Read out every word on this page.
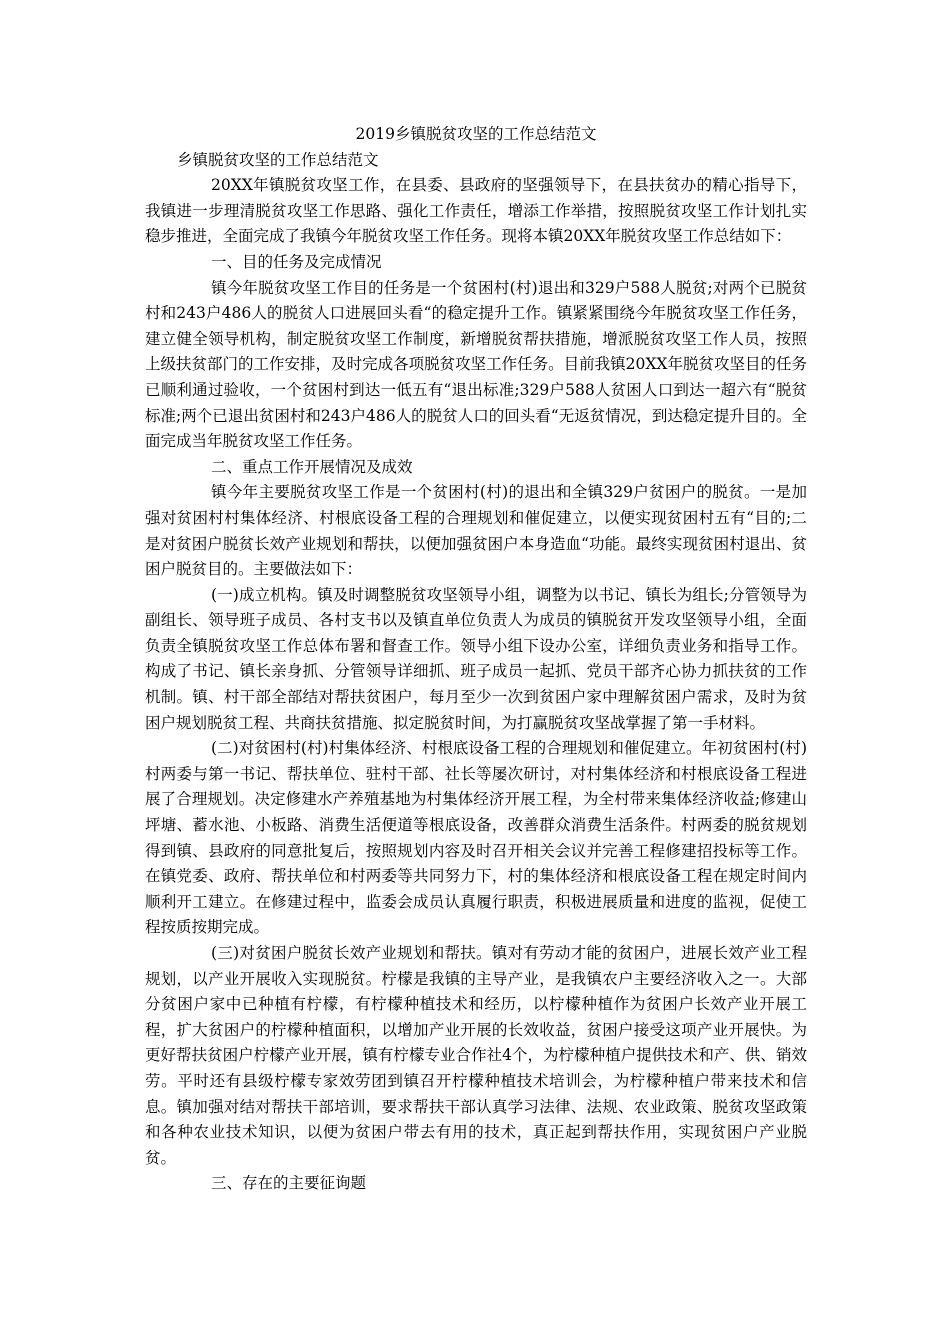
2019乡镇脱贫攻坚的工作总结范文

乡镇脱贫攻坚的工作总结范文

20XX年镇脱贫攻坚工作，在县委、县政府的坚强领导下，在县扶贫办的精心指导下，我镇进一步理清脱贫攻坚工作思路、强化工作责任，增添工作举措，按照脱贫攻坚工作计划扎实稳步推进，全面完成了我镇今年脱贫攻坚工作任务。现将本镇20XX年脱贫攻坚工作总结如下：

一、目的任务及完成情况

镇今年脱贫攻坚工作目的任务是一个贫困村(村)退出和329户588人脱贫;对两个已脱贫村和243户486人的脱贫人口进展回头看“的稳定提升工作。镇紧紧围绕今年脱贫攻坚工作任务，建立健全领导机构，制定脱贫攻坚工作制度，新增脱贫帮扶措施，增派脱贫攻坚工作人员，按照上级扶贫部门的工作安排，及时完成各项脱贫攻坚工作任务。目前我镇20XX年脱贫攻坚目的任务已顺利通过验收，一个贫困村到达一低五有“退出标准;329户588人贫困人口到达一超六有“脱贫标准;两个已退出贫困村和243户486人的脱贫人口的回头看“无返贫情况，到达稳定提升目的。全面完成当年脱贫攻坚工作任务。

二、重点工作开展情况及成效

镇今年主要脱贫攻坚工作是一个贫困村(村)的退出和全镇329户贫困户的脱贫。一是加强对贫困村村集体经济、村根底设备工程的合理规划和催促建立，以便实现贫困村五有“目的;二是对贫困户脱贫长效产业规划和帮扶，以便加强贫困户本身造血“功能。最终实现贫困村退出、贫困户脱贫目的。主要做法如下：

(一)成立机构。镇及时调整脱贫攻坚领导小组，调整为以书记、镇长为组长;分管领导为副组长、领导班子成员、各村支书以及镇直单位负责人为成员的镇脱贫开发攻坚领导小组，全面负责全镇脱贫攻坚工作总体布署和督查工作。领导小组下设办公室，详细负责业务和指导工作。构成了书记、镇长亲身抓、分管领导详细抓、班子成员一起抓、党员干部齐心协力抓扶贫的工作机制。镇、村干部全部结对帮扶贫困户，每月至少一次到贫困户家中理解贫困户需求，及时为贫困户规划脱贫工程、共商扶贫措施、拟定脱贫时间，为打赢脱贫攻坚战掌握了第一手材料。

(二)对贫困村(村)村集体经济、村根底设备工程的合理规划和催促建立。年初贫困村(村)村两委与第一书记、帮扶单位、驻村干部、社长等屡次研讨，对村集体经济和村根底设备工程进展了合理规划。决定修建水产养殖基地为村集体经济开展工程，为全村带来集体经济收益;修建山坪塘、蓄水池、小板路、消费生活便道等根底设备，改善群众消费生活条件。村两委的脱贫规划得到镇、县政府的同意批复后，按照规划内容及时召开相关会议并完善工程修建招投标等工作。在镇党委、政府、帮扶单位和村两委等共同努力下，村的集体经济和根底设备工程在规定时间内顺利开工建立。在修建过程中，监委会成员认真履行职责，积极进展质量和进度的监视，促使工程按质按期完成。

(三)对贫困户脱贫长效产业规划和帮扶。镇对有劳动才能的贫困户，进展长效产业工程规划，以产业开展收入实现脱贫。柠檬是我镇的主导产业，是我镇农户主要经济收入之一。大部分贫困户家中已种植有柠檬，有柠檬种植技术和经历，以柠檬种植作为贫困户长效产业开展工程，扩大贫困户的柠檬种植面积，以增加产业开展的长效收益，贫困户接受这项产业开展快。为更好帮扶贫困户柠檬产业开展，镇有柠檬专业合作社4个，为柠檬种植户提供技术和产、供、销效劳。平时还有县级柠檬专家效劳团到镇召开柠檬种植技术培训会，为柠檬种植户带来技术和信息。镇加强对结对帮扶干部培训，要求帮扶干部认真学习法律、法规、农业政策、脱贫攻坚政策和各种农业技术知识，以便为贫困户带去有用的技术，真正起到帮扶作用，实现贫困户产业脱贫。

三、存在的主要征询题
